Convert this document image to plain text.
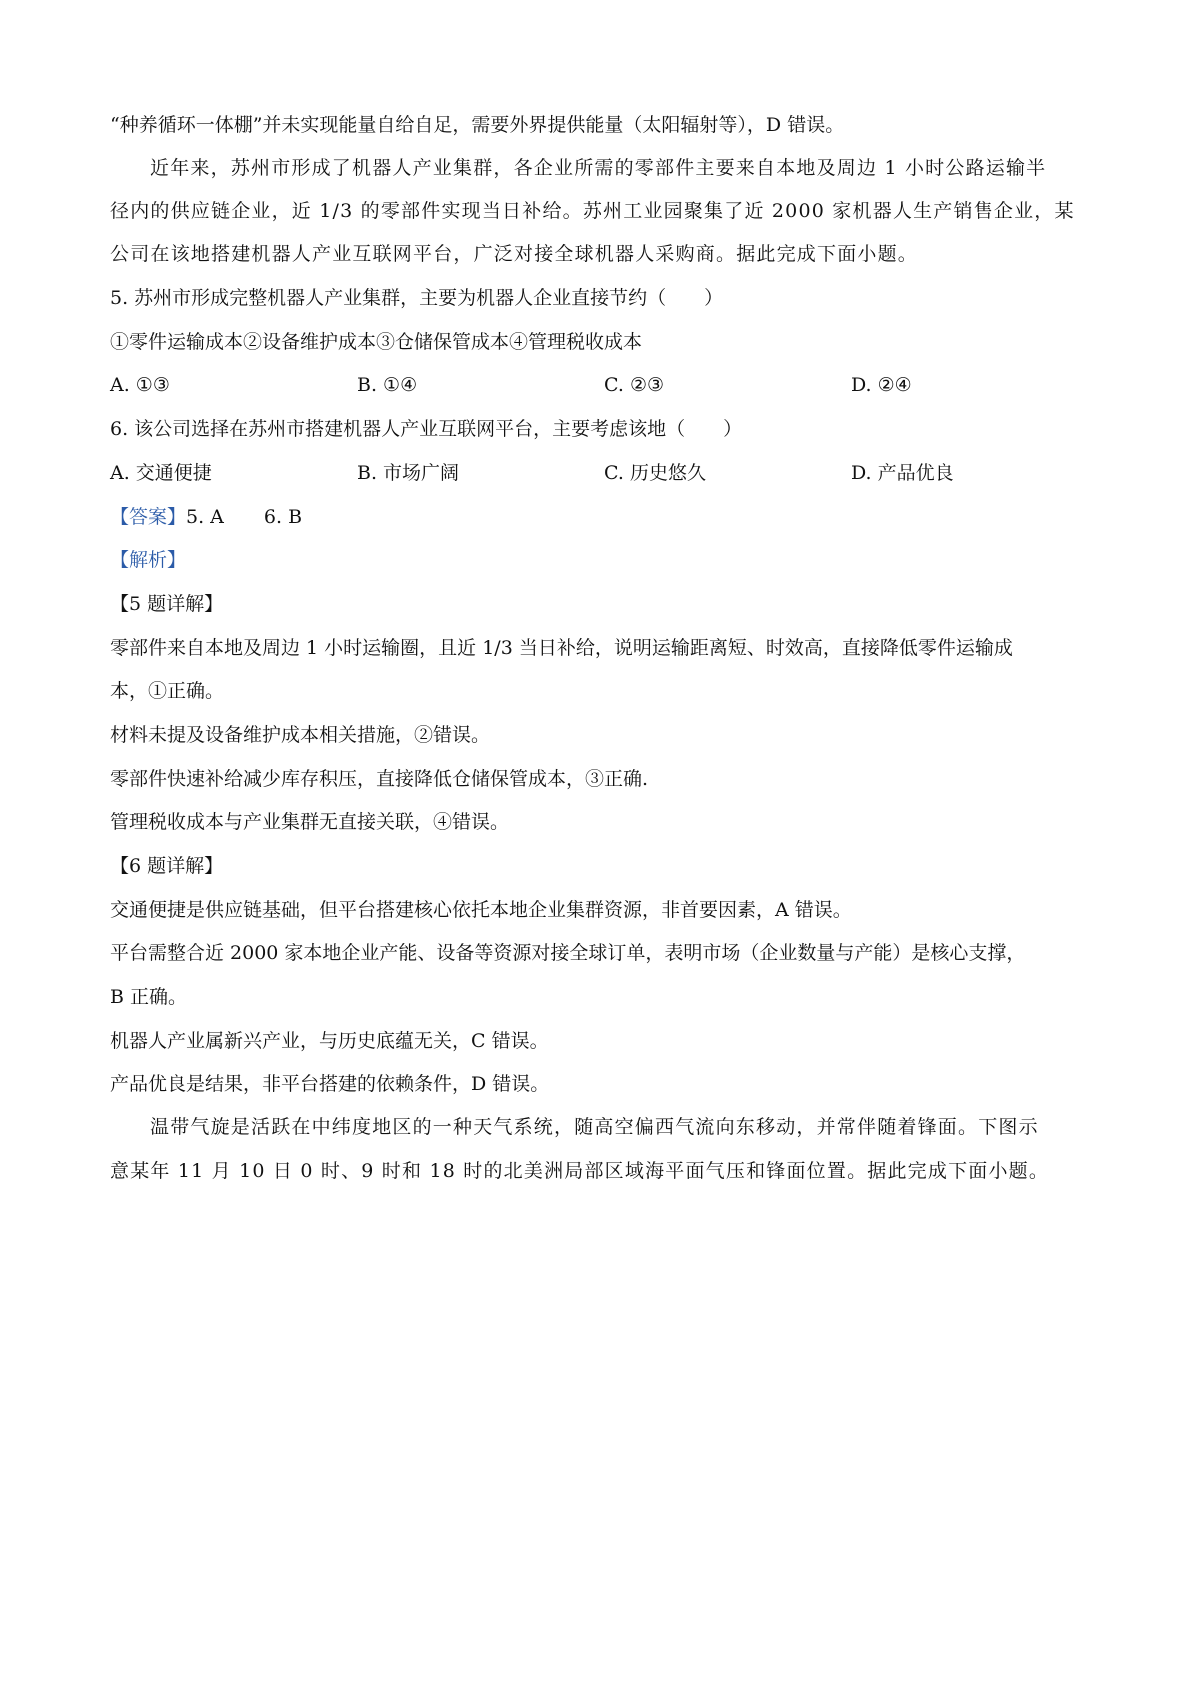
“种养循环一体棚”并未实现能量自给自足，需要外界提供能量（太阳辐射等），D 错误。
近年来，苏州市形成了机器人产业集群，各企业所需的零部件主要来自本地及周边 1 小时公路运输半
径内的供应链企业，近 1/3 的零部件实现当日补给。苏州工业园聚集了近 2000 家机器人生产销售企业，某
公司在该地搭建机器人产业互联网平台，广泛对接全球机器人采购商。据此完成下面小题。
5. 苏州市形成完整机器人产业集群，主要为机器人企业直接节约（　　）
①零件运输成本②设备维护成本③仓储保管成本④管理税收成本
A. ①③	B. ①④	C. ②③	D. ②④
6. 该公司选择在苏州市搭建机器人产业互联网平台，主要考虑该地（　　）
A. 交通便捷	B. 市场广阔	C. 历史悠久	D. 产品优良
【答案】5. A 6. B
【解析】
【5 题详解】
零部件来自本地及周边 1 小时运输圈，且近 1/3 当日补给，说明运输距离短、时效高，直接降低零件运输成
本，①正确。
材料未提及设备维护成本相关措施，②错误。
零部件快速补给减少库存积压，直接降低仓储保管成本，③正确.
管理税收成本与产业集群无直接关联，④错误。
【6 题详解】
交通便捷是供应链基础，但平台搭建核心依托本地企业集群资源，非首要因素，A 错误。
平台需整合近 2000 家本地企业产能、设备等资源对接全球订单，表明市场（企业数量与产能）是核心支撑，
B 正确。
机器人产业属新兴产业，与历史底蕴无关，C 错误。
产品优良是结果，非平台搭建的依赖条件，D 错误。
温带气旋是活跃在中纬度地区的一种天气系统，随高空偏西气流向东移动，并常伴随着锋面。下图示
意某年 11 月 10 日 0 时、9 时和 18 时的北美洲局部区域海平面气压和锋面位置。据此完成下面小题。
